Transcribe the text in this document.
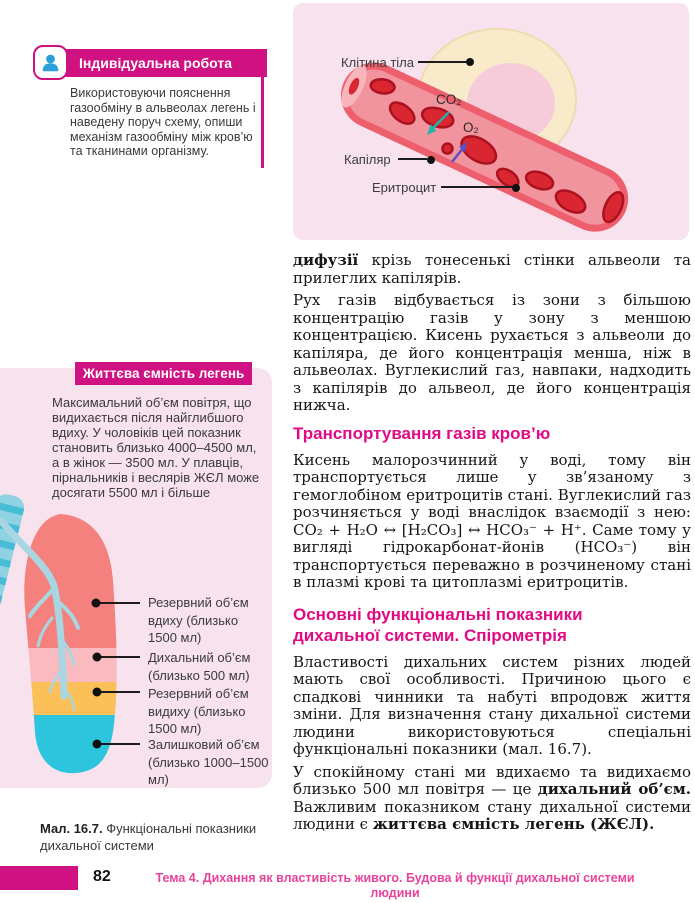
Індивідуальна робота
Використовуючи пояснення газообміну в альвеолах легень і наведену поруч схему, опиши механізм газообміну між кров’ю та тканинами організму.
Клітина тіла
CO₂
O₂
Капіляр
Еритроцит
Життєва ємність легень
Максимальний об’єм повітря, що видихається після найглибшого вдиху. У чоловіків цей показник становить близько 4000–4500 мл, а в жінок — 3500 мл. У плавців, пірнальників і веслярів ЖЄЛ може досягати 5500 мл і більше
Резервний об’єм вдиху (близько 1500 мл)
Дихальний об’єм (близько 500 мл)
Резервний об’єм видиху (близько 1500 мл)
Залишковий об’єм (близько 1000–1500 мл)
Мал. 16.7. Функціональні показники дихальної системи

дифузії крізь тонесенькі стінки альвеоли та прилеглих капілярів.

Рух газів відбувається із зони з більшою концентрацію газів у зону з меншою концентрацією. Кисень рухається з альвеоли до капіляра, де його концентрація менша, ніж в альвеолах. Вуглекислий газ, навпаки, надходить з капілярів до альвеол, де його концентрація нижча.

Транспортування газів кров’ю

Кисень малорозчинний у воді, тому він транспортується лише у зв’язаному з гемоглобіном еритроцитів стані. Вуглекислий газ розчиняється у воді внаслідок взаємодії з нею: CO₂ + H₂O ↔ [H₂CO₃] ↔ HCO₃⁻ + H⁺. Саме тому у вигляді гідрокарбонат-йонів (HCO₃⁻) він транспортується переважно в розчиненому стані в плазмі крові та цитоплазмі еритроцитів.

Основні функціональні показники
дихальної системи. Спірометрія

Властивості дихальних систем різних людей мають свої особливості. Причиною цього є спадкові чинники та набуті впродовж життя зміни. Для визначення стану дихальної системи людини використовуються спеціальні функціональні показники (мал. 16.7).

У спокійному стані ми вдихаємо та видихаємо близько 500 мл повітря — це дихальний об’єм. Важливим показником стану дихальної системи людини є життєва ємність легень (ЖЄЛ).

82	Тема 4. Дихання як властивість живого. Будова й функції дихальної системи людини
